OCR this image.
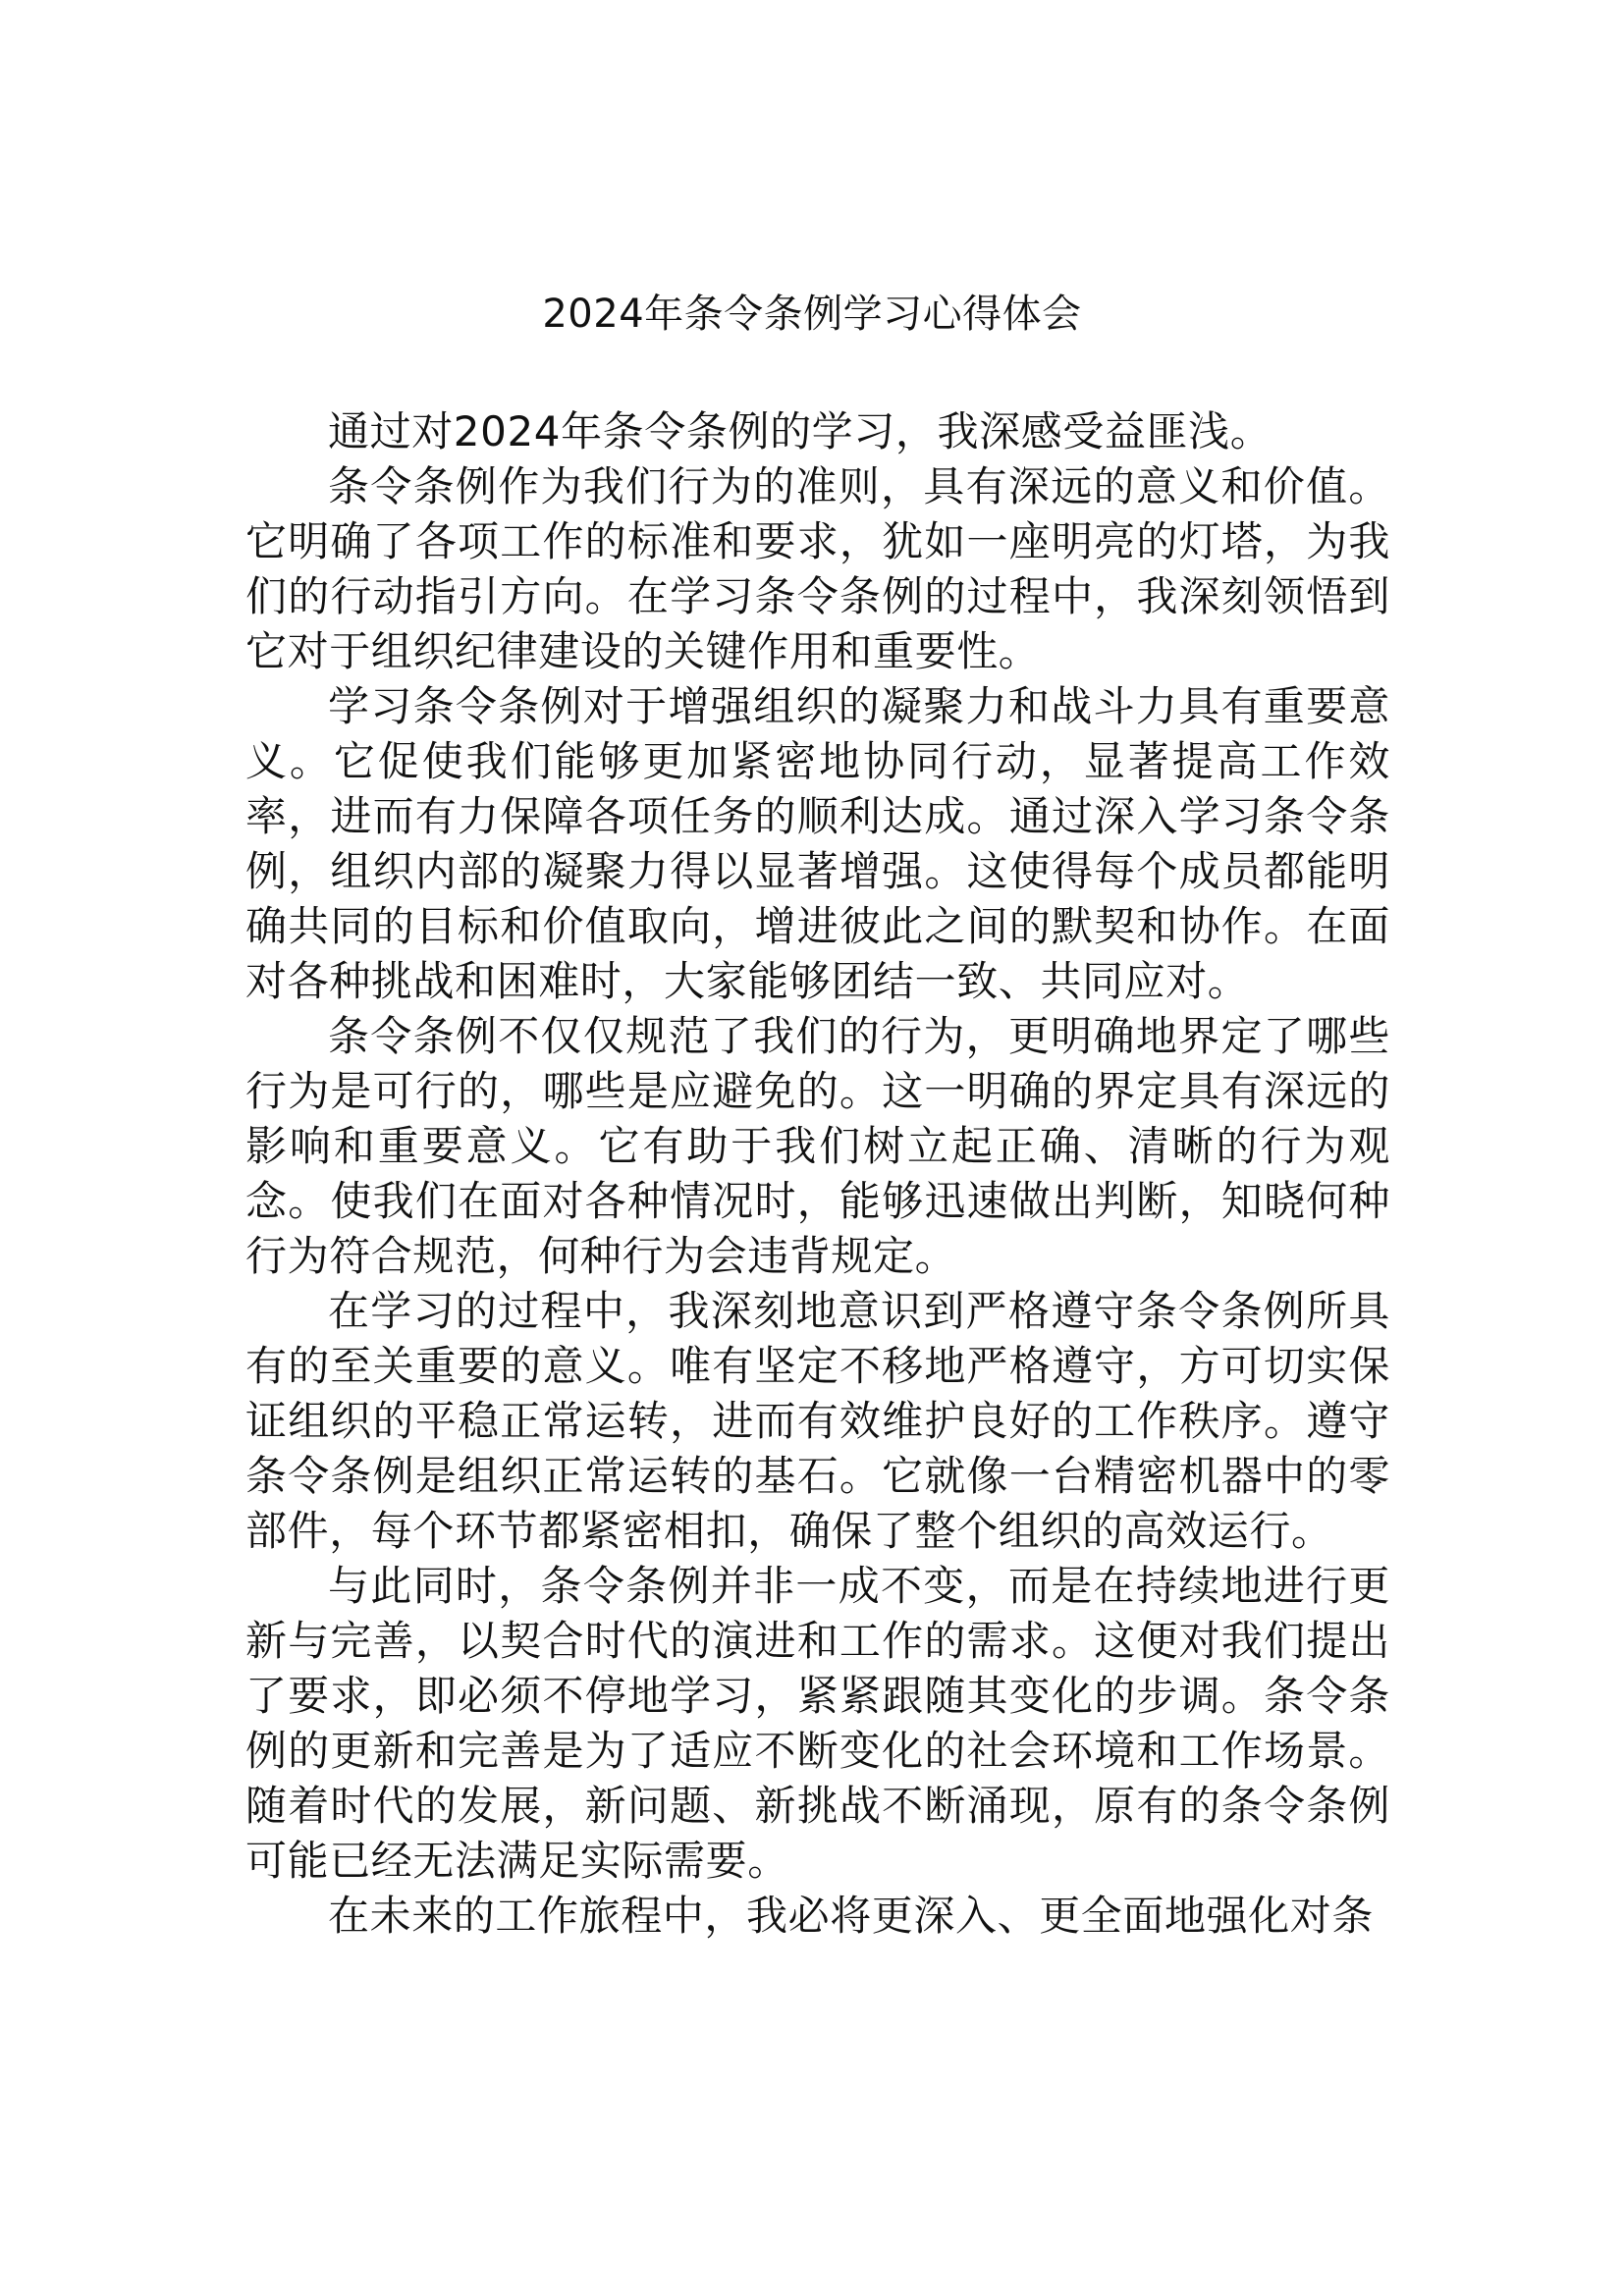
2024年条令条例学习心得体会

通过对2024年条令条例的学习，我深感受益匪浅。

条令条例作为我们行为的准则，具有深远的意义和价值。它明确了各项工作的标准和要求，犹如一座明亮的灯塔，为我们的行动指引方向。在学习条令条例的过程中，我深刻领悟到它对于组织纪律建设的关键作用和重要性。

学习条令条例对于增强组织的凝聚力和战斗力具有重要意义。它促使我们能够更加紧密地协同行动，显著提高工作效率，进而有力保障各项任务的顺利达成。通过深入学习条令条例，组织内部的凝聚力得以显著增强。这使得每个成员都能明确共同的目标和价值取向，增进彼此之间的默契和协作。在面对各种挑战和困难时，大家能够团结一致、共同应对。

条令条例不仅仅规范了我们的行为，更明确地界定了哪些行为是可行的，哪些是应避免的。这一明确的界定具有深远的影响和重要意义。它有助于我们树立起正确、清晰的行为观念。使我们在面对各种情况时，能够迅速做出判断，知晓何种行为符合规范，何种行为会违背规定。

在学习的过程中，我深刻地意识到严格遵守条令条例所具有的至关重要的意义。唯有坚定不移地严格遵守，方可切实保证组织的平稳正常运转，进而有效维护良好的工作秩序。遵守条令条例是组织正常运转的基石。它就像一台精密机器中的零部件，每个环节都紧密相扣，确保了整个组织的高效运行。

与此同时，条令条例并非一成不变，而是在持续地进行更新与完善，以契合时代的演进和工作的需求。这便对我们提出了要求，即必须不停地学习，紧紧跟随其变化的步调。条令条例的更新和完善是为了适应不断变化的社会环境和工作场景。随着时代的发展，新问题、新挑战不断涌现，原有的条令条例可能已经无法满足实际需要。

在未来的工作旅程中，我必将更深入、更全面地强化对条
